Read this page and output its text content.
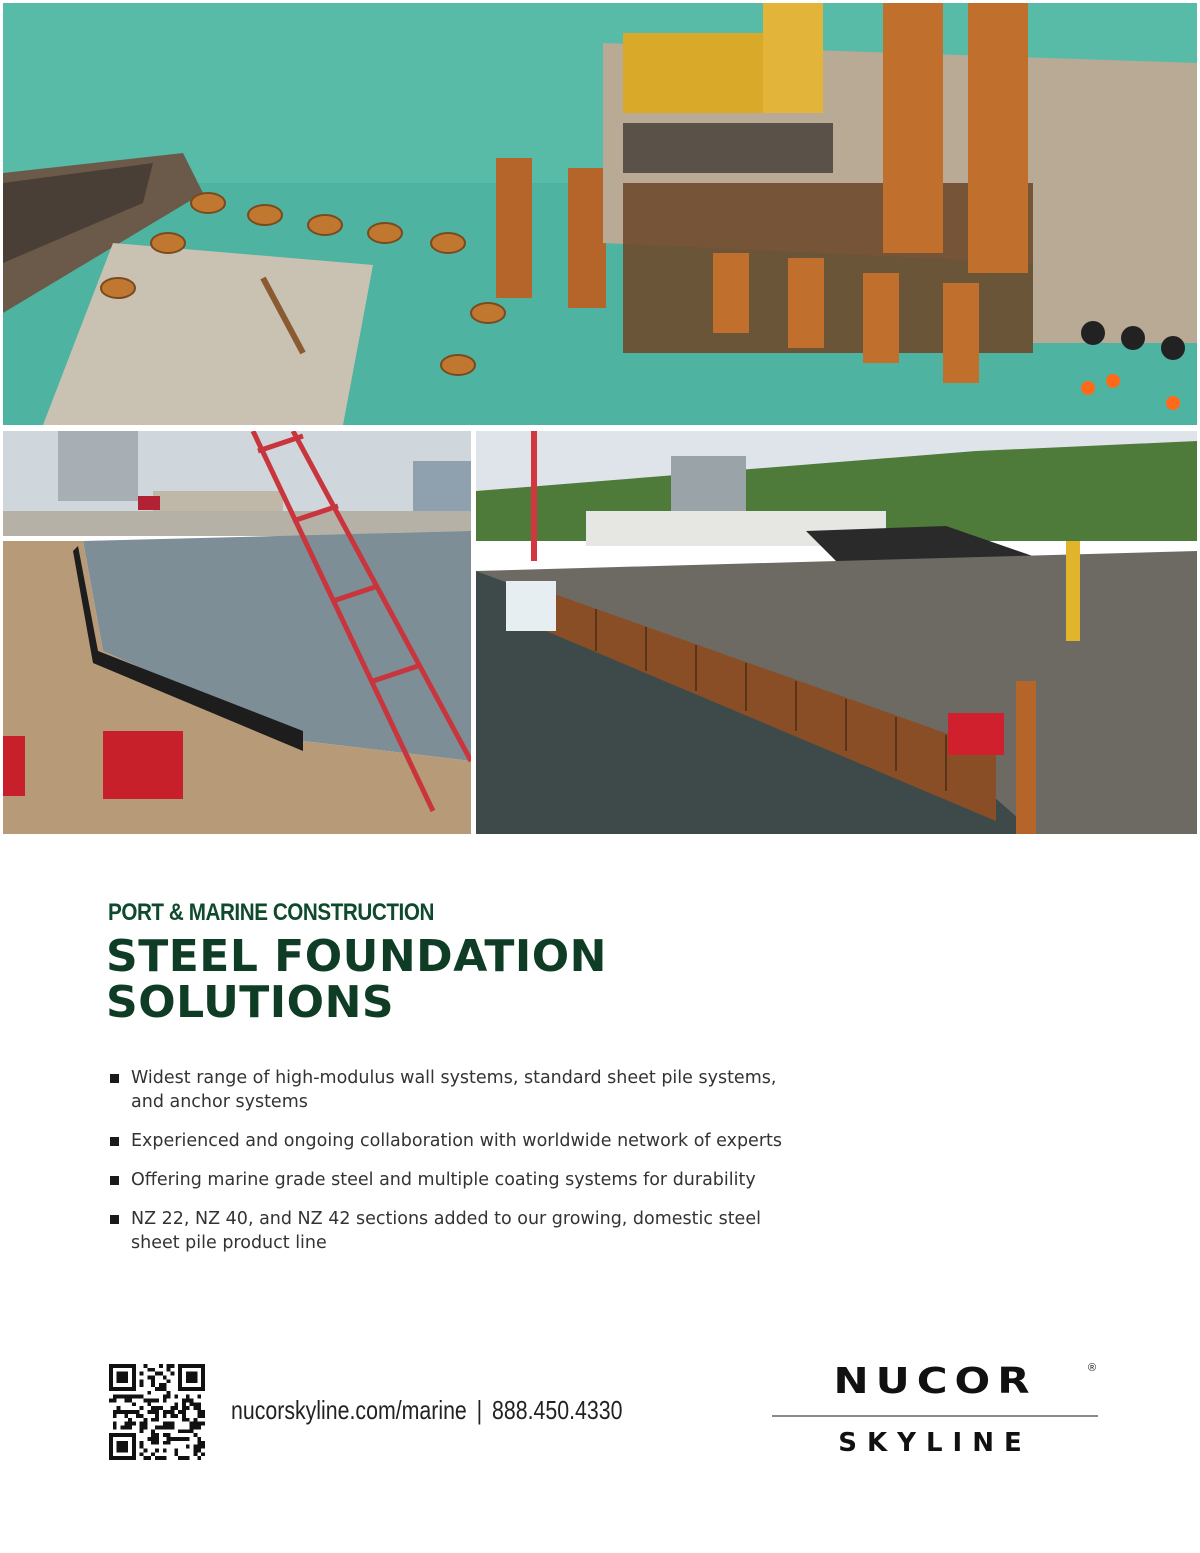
PORT & MARINE CONSTRUCTION
STEEL FOUNDATION
SOLUTIONS
Widest range of high-modulus wall systems, standard sheet pile systems, and anchor systems
Experienced and ongoing collaboration with worldwide network of experts
Offering marine grade steel and multiple coating systems for durability
NZ 22, NZ 40, and NZ 42 sections added to our growing, domestic steel sheet pile product line
nucorskyline.com/marine | 888.450.4330
NUCOR	®
SKYLINE
